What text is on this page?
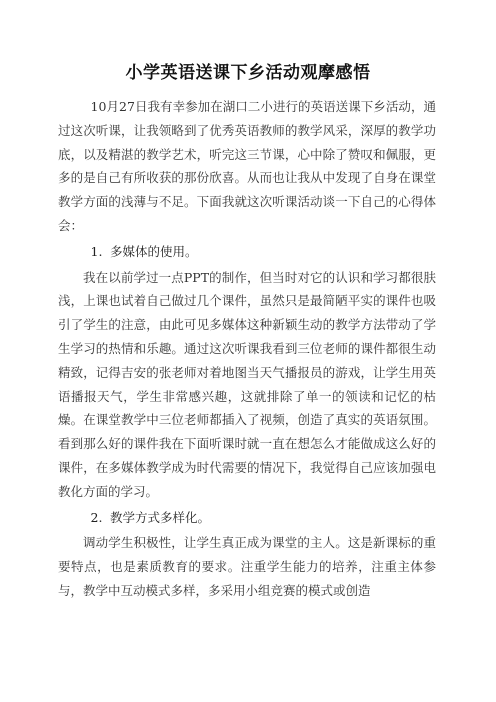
小学英语送课下乡活动观摩感悟

10月27日我有幸参加在湖口二小进行的英语送课下乡活动，通过这次听课，让我领略到了优秀英语教师的教学风采，深厚的教学功底，以及精湛的教学艺术，听完这三节课，心中除了赞叹和佩服，更多的是自己有所收获的那份欣喜。从而也让我从中发现了自身在课堂教学方面的浅薄与不足。下面我就这次听课活动谈一下自己的心得体会：

1. 多媒体的使用。

我在以前学过一点PPT的制作，但当时对它的认识和学习都很肤浅，上课也试着自己做过几个课件，虽然只是最简陋平实的课件也吸引了学生的注意，由此可见多媒体这种新颖生动的教学方法带动了学生学习的热情和乐趣。通过这次听课我看到三位老师的课件都很生动精致，记得吉安的张老师对着地图当天气播报员的游戏，让学生用英语播报天气，学生非常感兴趣，这就排除了单一的领读和记忆的枯燥。在课堂教学中三位老师都插入了视频，创造了真实的英语氛围。看到那么好的课件我在下面听课时就一直在想怎么才能做成这么好的课件，在多媒体教学成为时代需要的情况下，我觉得自己应该加强电教化方面的学习。

2. 教学方式多样化。

调动学生积极性，让学生真正成为课堂的主人。这是新课标的重要特点，也是素质教育的要求。注重学生能力的培养，注重主体参与，教学中互动模式多样，多采用小组竞赛的模式或创造
